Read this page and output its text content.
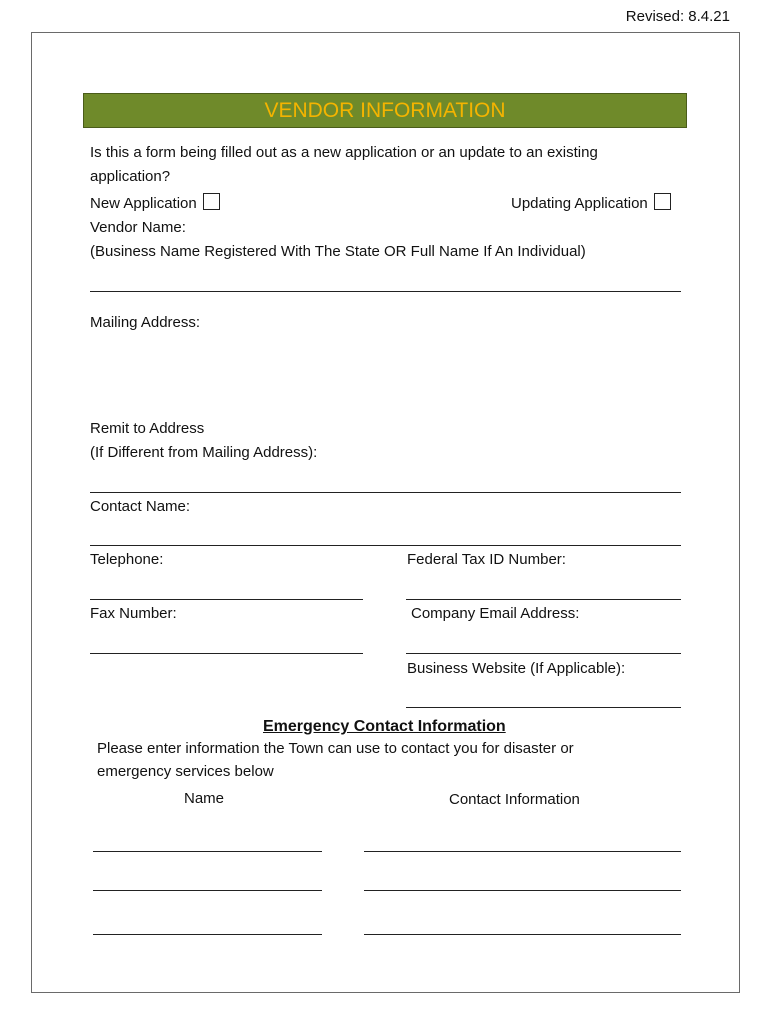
Revised: 8.4.21
VENDOR INFORMATION
Is this a form being filled out as a new application or an update to an existing
application?
New Application	Updating Application
Vendor Name:
(Business Name Registered With The State OR Full Name If An Individual)
Mailing Address:
Remit to Address
(If Different from Mailing Address):
Contact Name:
Telephone:	Federal Tax ID Number:
Fax Number:	Company Email Address:
Business Website (If Applicable):
Emergency Contact Information
Please enter information the Town can use to contact you for disaster or
emergency services below
Name	Contact Information
